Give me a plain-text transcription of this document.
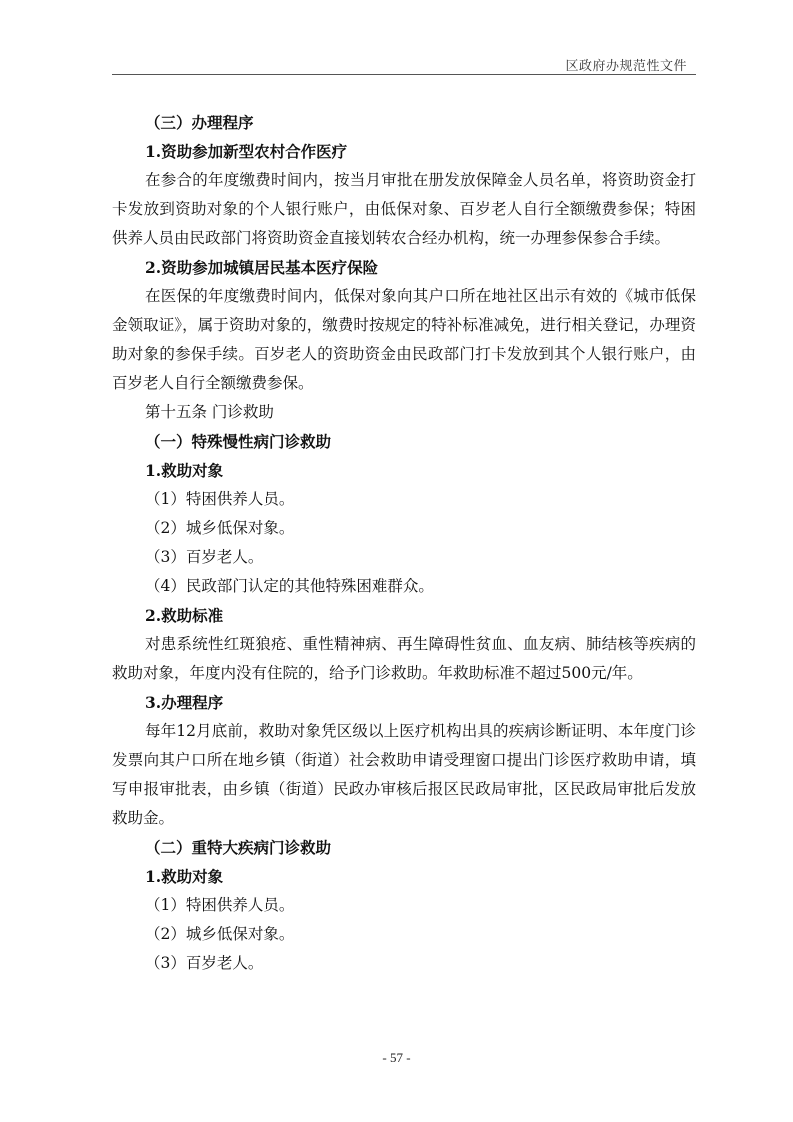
区政府办规范性文件

（三）办理程序

1.资助参加新型农村合作医疗

在参合的年度缴费时间内，按当月审批在册发放保障金人员名单，将资助资金打卡发放到资助对象的个人银行账户，由低保对象、百岁老人自行全额缴费参保；特困供养人员由民政部门将资助资金直接划转农合经办机构，统一办理参保参合手续。

2.资助参加城镇居民基本医疗保险

在医保的年度缴费时间内，低保对象向其户口所在地社区出示有效的《城市低保金领取证》，属于资助对象的，缴费时按规定的特补标准减免，进行相关登记，办理资助对象的参保手续。百岁老人的资助资金由民政部门打卡发放到其个人银行账户，由百岁老人自行全额缴费参保。

第十五条 门诊救助

（一）特殊慢性病门诊救助

1.救助对象

（1）特困供养人员。

（2）城乡低保对象。

（3）百岁老人。

（4）民政部门认定的其他特殊困难群众。

2.救助标准

对患系统性红斑狼疮、重性精神病、再生障碍性贫血、血友病、肺结核等疾病的救助对象，年度内没有住院的，给予门诊救助。年救助标准不超过500元/年。

3.办理程序

每年12月底前，救助对象凭区级以上医疗机构出具的疾病诊断证明、本年度门诊发票向其户口所在地乡镇（街道）社会救助申请受理窗口提出门诊医疗救助申请，填写申报审批表，由乡镇（街道）民政办审核后报区民政局审批，区民政局审批后发放救助金。

（二）重特大疾病门诊救助

1.救助对象

（1）特困供养人员。

（2）城乡低保对象。

（3）百岁老人。

- 57 -
